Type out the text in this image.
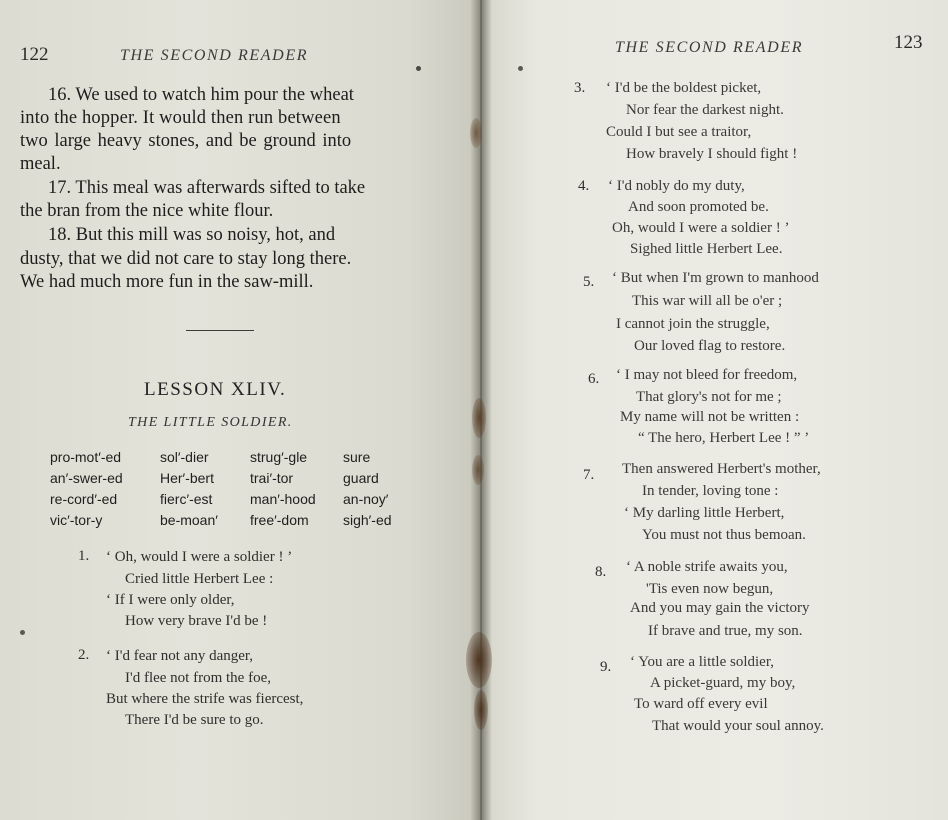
122	THE SECOND READER

16. We used to watch him pour the wheat

into the hopper. It would then run between

two large heavy stones, and be ground into

meal.

17. This meal was afterwards sifted to take

the bran from the nice white flour.

18. But this mill was so noisy, hot, and

dusty, that we did not care to stay long there.

We had much more fun in the saw-mill.

LESSON XLIV.

THE LITTLE SOLDIER.

pro-mot′-ed

an′-swer-ed

re-cord′-ed

vic′-tor-y

sol′-dier

Her′-bert

fierc′-est

be-moan′

strug′-gle

trai′-tor

man′-hood

free′-dom

sure

guard

an-noy′

sigh′-ed

1. ‘ Oh, would I were a soldier ! ’

Cried little Herbert Lee :

‘ If I were only older,

How very brave I'd be !

2. ‘ I'd fear not any danger,

I'd flee not from the foe,

But where the strife was fiercest,

There I'd be sure to go.

THE SECOND READER	123

3. ‘ I'd be the boldest picket,

Nor fear the darkest night.

Could I but see a traitor,

How bravely I should fight !

4. ‘ I'd nobly do my duty,

And soon promoted be.

Oh, would I were a soldier ! ’

Sighed little Herbert Lee.

5. ‘ But when I'm grown to manhood

This war will all be o'er ;

I cannot join the struggle,

Our loved flag to restore.

6. ‘ I may not bleed for freedom,

That glory's not for me ;

My name will not be written :

“ The hero, Herbert Lee ! ” ’

7. Then answered Herbert's mother,

In tender, loving tone :

‘ My darling little Herbert,

You must not thus bemoan.

8. ‘ A noble strife awaits you,

'Tis even now begun,

And you may gain the victory

If brave and true, my son.

9. ‘ You are a little soldier,

A picket-guard, my boy,

To ward off every evil

That would your soul annoy.
